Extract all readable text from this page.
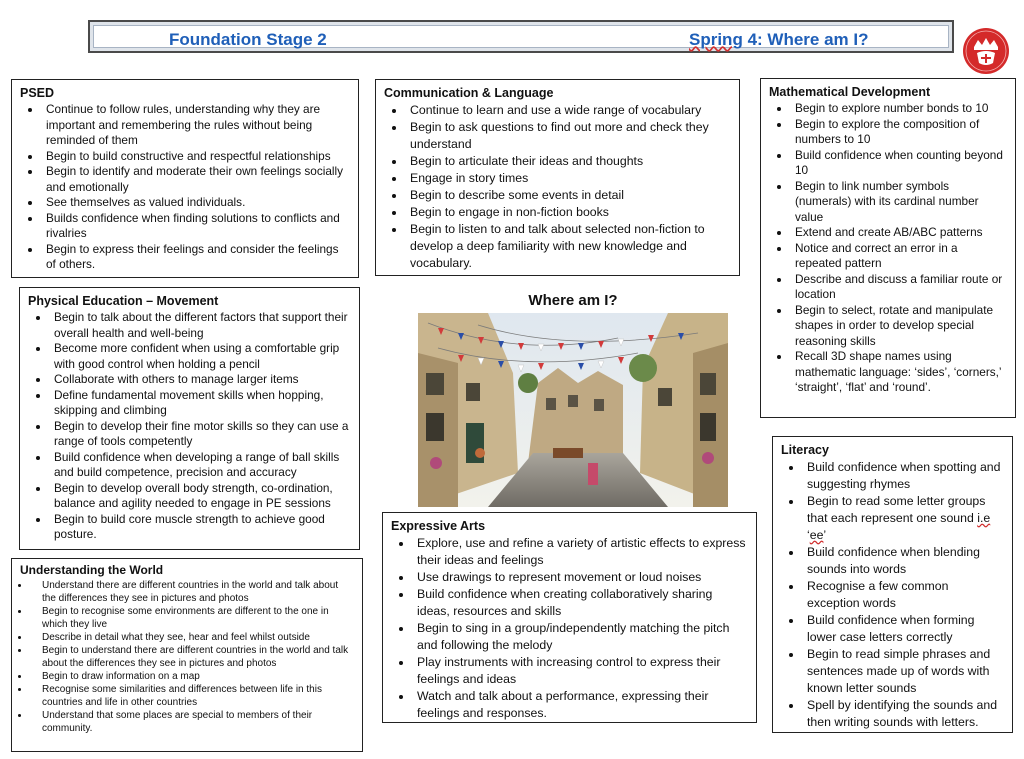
Foundation Stage 2	Spring 4: Where am I?
PSED
• Continue to follow rules, understanding why they are important and remembering the rules without being reminded of them
• Begin to build constructive and respectful relationships
• Begin to identify and moderate their own feelings socially and emotionally
• See themselves as valued individuals.
• Builds confidence when finding solutions to conflicts and rivalries
• Begin to express their feelings and consider the feelings of others.
Communication & Language
• Continue to learn and use a wide range of vocabulary
• Begin to ask questions to find out more and check they understand
• Begin to articulate their ideas and thoughts
• Engage in story times
• Begin to describe some events in detail
• Begin to engage in non-fiction books
• Begin to listen to and talk about selected non-fiction to develop a deep familiarity with new knowledge and vocabulary.
Mathematical Development
• Begin to explore number bonds to 10
• Begin to explore the composition of numbers to 10
• Build confidence when counting beyond 10
• Begin to link number symbols (numerals) with its cardinal number value
• Extend and create AB/ABC patterns
• Notice and correct an error in a repeated pattern
• Describe and discuss a familiar route or location
• Begin to select, rotate and manipulate shapes in order to develop special reasoning skills
• Recall 3D shape names using mathematic language: ‘sides’, ‘corners,’ ‘straight’, ‘flat’ and ‘round’.
Physical Education – Movement
• Begin to talk about the different factors that support their overall health and well-being
• Become more confident when using a comfortable grip with good control when holding a pencil
• Collaborate with others to manage larger items
• Define fundamental movement skills when hopping, skipping and climbing
• Begin to develop their fine motor skills so they can use a range of tools competently
• Build confidence when developing a range of ball skills and build competence, precision and accuracy
• Begin to develop overall body strength, co-ordination, balance and agility needed to engage in PE sessions
• Begin to build core muscle strength to achieve good posture.
Understanding the World
• Understand there are different countries in the world and talk about the differences they see in pictures and photos
• Begin to recognise some environments are different to the one in which they live
• Describe in detail what they see, hear and feel whilst outside
• Begin to understand there are different countries in the world and talk about the differences they see in pictures and photos
• Begin to draw information on a map
• Recognise some similarities and differences between life in this countries and life in other countries
• Understand that some places are special to members of their community.
Where am I?
Expressive Arts
• Explore, use and refine a variety of artistic effects to express their ideas and feelings
• Use drawings to represent movement or loud noises
• Build confidence when creating collaboratively sharing ideas, resources and skills
• Begin to sing in a group/independently matching the pitch and following the melody
• Play instruments with increasing control to express their feelings and ideas
• Watch and talk about a performance, expressing their feelings and responses.
Literacy
• Build confidence when spotting and suggesting rhymes
• Begin to read some letter groups that each represent one sound i.e ‘ee’
• Build confidence when blending sounds into words
• Recognise a few common exception words
• Build confidence when forming lower case letters correctly
• Begin to read simple phrases and sentences made up of words with known letter sounds
• Spell by identifying the sounds and then writing sounds with letters.
